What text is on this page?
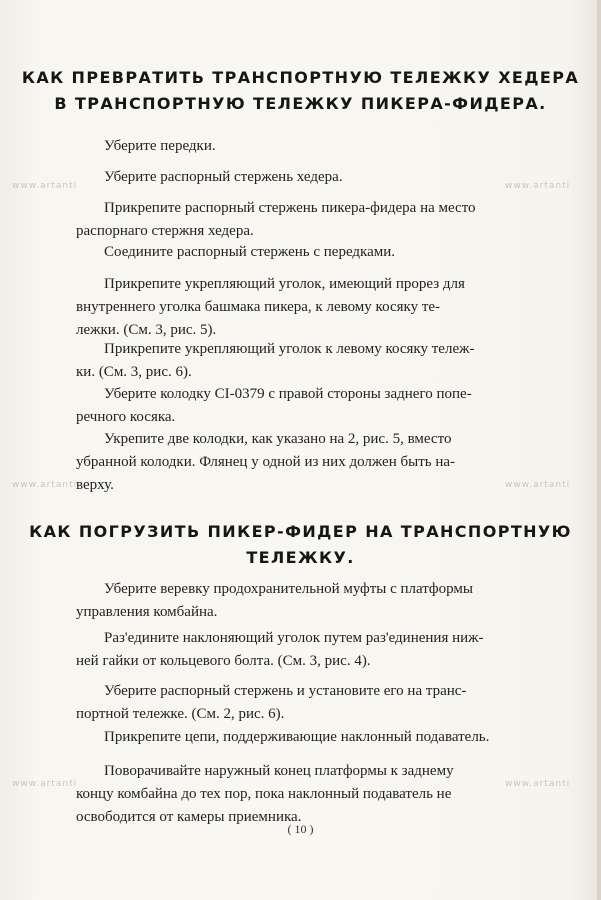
www.artanti	www.artanti
www.artanti	www.artanti
www.artanti	www.artanti
КАК ПРЕВРАТИТЬ ТРАНСПОРТНУЮ ТЕЛЕЖКУ ХЕДЕРА
В ТРАНСПОРТНУЮ ТЕЛЕЖКУ ПИКЕРА-ФИДЕРА.

Уберите передки.

Уберите распорный стержень хедера.

Прикрепите распорный стержень пикера-фидера на место
распорнаго стержня хедера.

Соедините распорный стержень с передками.

Прикрепите укрепляющий уголок, имеющий прорез для
внутреннего уголка башмака пикера, к левому косяку те-
лежки. (См. 3, рис. 5).

Прикрепите укрепляющий уголок к левому косяку тележ-
ки. (См. 3, рис. 6).

Уберите колодку CI-0379 с правой стороны заднего попе-
речного косяка.

Укрепите две колодки, как указано на 2, рис. 5, вместо
убранной колодки. Флянец у одной из них должен быть на-
верху.

КАК ПОГРУЗИТЬ ПИКЕР-ФИДЕР НА ТРАНСПОРТНУЮ
ТЕЛЕЖКУ.

Уберите веревку продохранительной муфты с платформы
управления комбайна.

Раз'едините наклоняющий уголок путем раз'единения ниж-
ней гайки от кольцевого болта. (См. 3, рис. 4).

Уберите распорный стержень и установите его на транс-
портной тележке. (См. 2, рис. 6).

Прикрепите цепи, поддерживающие наклонный подаватель.

Поворачивайте наружный конец платформы к заднему
концу комбайна до тех пор, пока наклонный подаватель не
освободится от камеры приемника.

( 10 )
